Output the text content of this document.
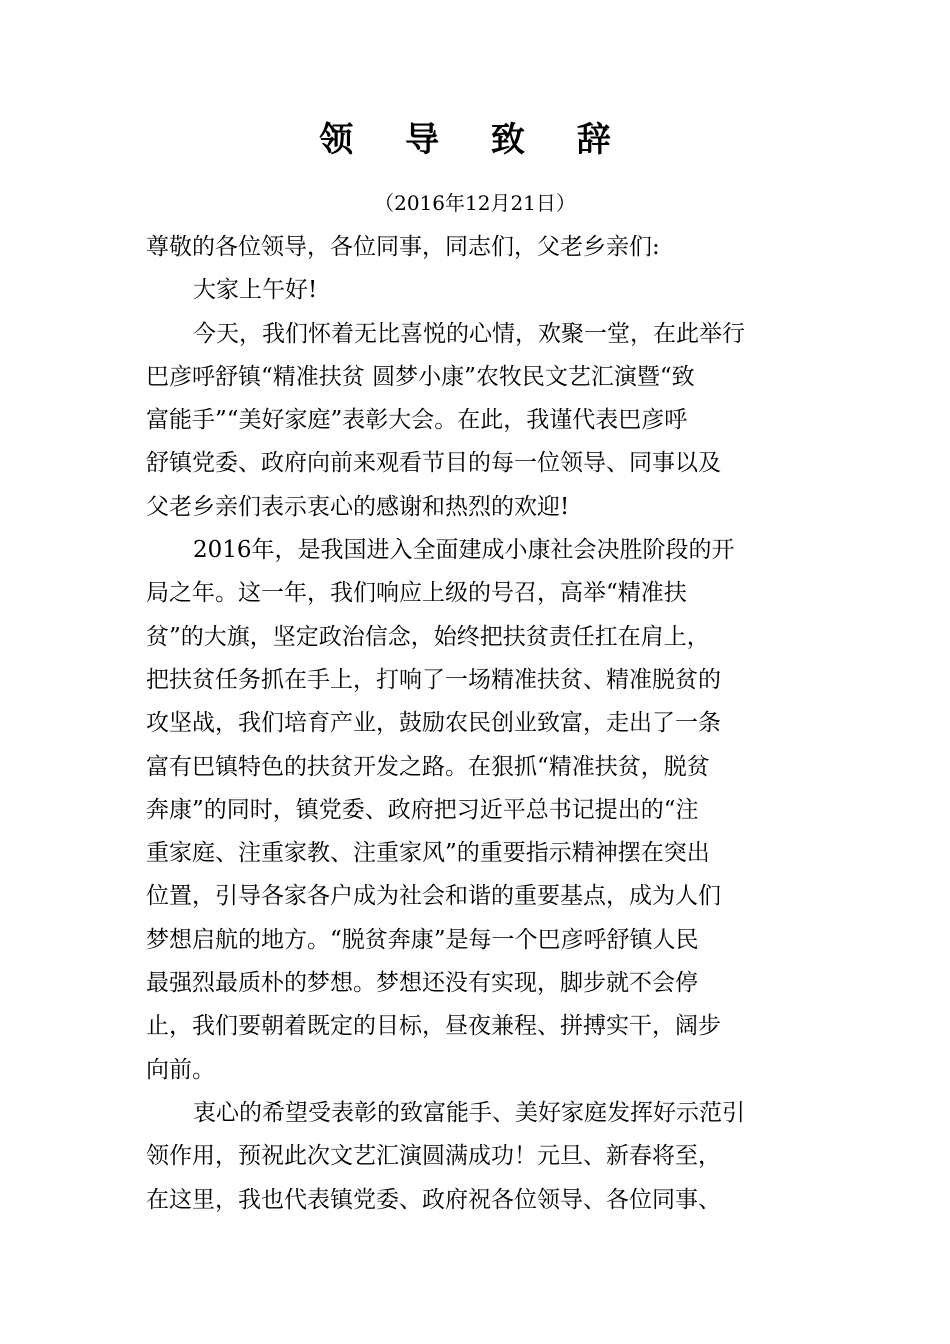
领 导 致 辞
（2016年12月21日）
尊敬的各位领导，各位同事，同志们，父老乡亲们:
大家上午好!
今天，我们怀着无比喜悦的心情，欢聚一堂，在此举行
巴彦呼舒镇“精准扶贫 圆梦小康”农牧民文艺汇演暨“致
富能手”“美好家庭”表彰大会。在此，我谨代表巴彦呼
舒镇党委、政府向前来观看节目的每一位领导、同事以及
父老乡亲们表示衷心的感谢和热烈的欢迎!
2016年，是我国进入全面建成小康社会决胜阶段的开
局之年。这一年，我们响应上级的号召，高举“精准扶
贫”的大旗，坚定政治信念，始终把扶贫责任扛在肩上，
把扶贫任务抓在手上，打响了一场精准扶贫、精准脱贫的
攻坚战，我们培育产业，鼓励农民创业致富，走出了一条
富有巴镇特色的扶贫开发之路。在狠抓“精准扶贫，脱贫
奔康”的同时，镇党委、政府把习近平总书记提出的“注
重家庭、注重家教、注重家风”的重要指示精神摆在突出
位置，引导各家各户成为社会和谐的重要基点，成为人们
梦想启航的地方。“脱贫奔康”是每一个巴彦呼舒镇人民
最强烈最质朴的梦想。梦想还没有实现，脚步就不会停
止，我们要朝着既定的目标，昼夜兼程、拼搏实干，阔步
向前。
衷心的希望受表彰的致富能手、美好家庭发挥好示范引
领作用，预祝此次文艺汇演圆满成功！元旦、新春将至，
在这里，我也代表镇党委、政府祝各位领导、各位同事、
